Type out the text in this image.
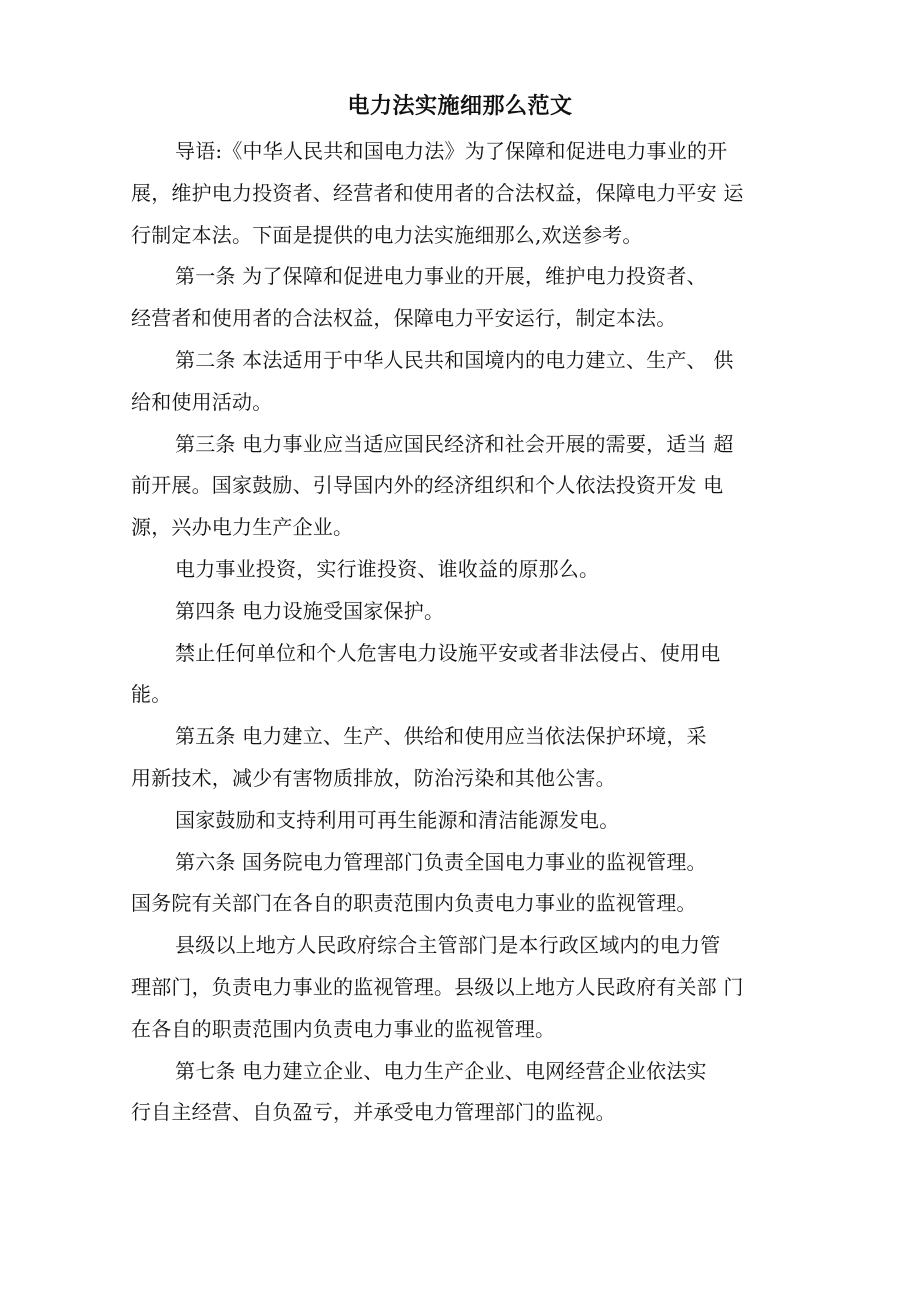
电力法实施细那么范文

导语:《中华人民共和国电力法》为了保障和促进电力事业的开
展，维护电力投资者、经营者和使用者的合法权益，保障电力平安 运
行制定本法。下面是提供的电力法实施细那么,欢送参考。

第一条 为了保障和促进电力事业的开展，维护电力投资者、
经营者和使用者的合法权益，保障电力平安运行，制定本法。

第二条 本法适用于中华人民共和国境内的电力建立、生产、 供
给和使用活动。

第三条 电力事业应当适应国民经济和社会开展的需要，适当 超
前开展。国家鼓励、引导国内外的经济组织和个人依法投资开发 电
源，兴办电力生产企业。

电力事业投资，实行谁投资、谁收益的原那么。

第四条 电力设施受国家保护。

禁止任何单位和个人危害电力设施平安或者非法侵占、使用电
能。

第五条 电力建立、生产、供给和使用应当依法保护环境，采
用新技术，减少有害物质排放，防治污染和其他公害。

国家鼓励和支持利用可再生能源和清洁能源发电。

第六条 国务院电力管理部门负责全国电力事业的监视管理。
国务院有关部门在各自的职责范围内负责电力事业的监视管理。

县级以上地方人民政府综合主管部门是本行政区域内的电力管
理部门，负责电力事业的监视管理。县级以上地方人民政府有关部 门
在各自的职责范围内负责电力事业的监视管理。

第七条 电力建立企业、电力生产企业、电网经营企业依法实
行自主经营、自负盈亏，并承受电力管理部门的监视。
